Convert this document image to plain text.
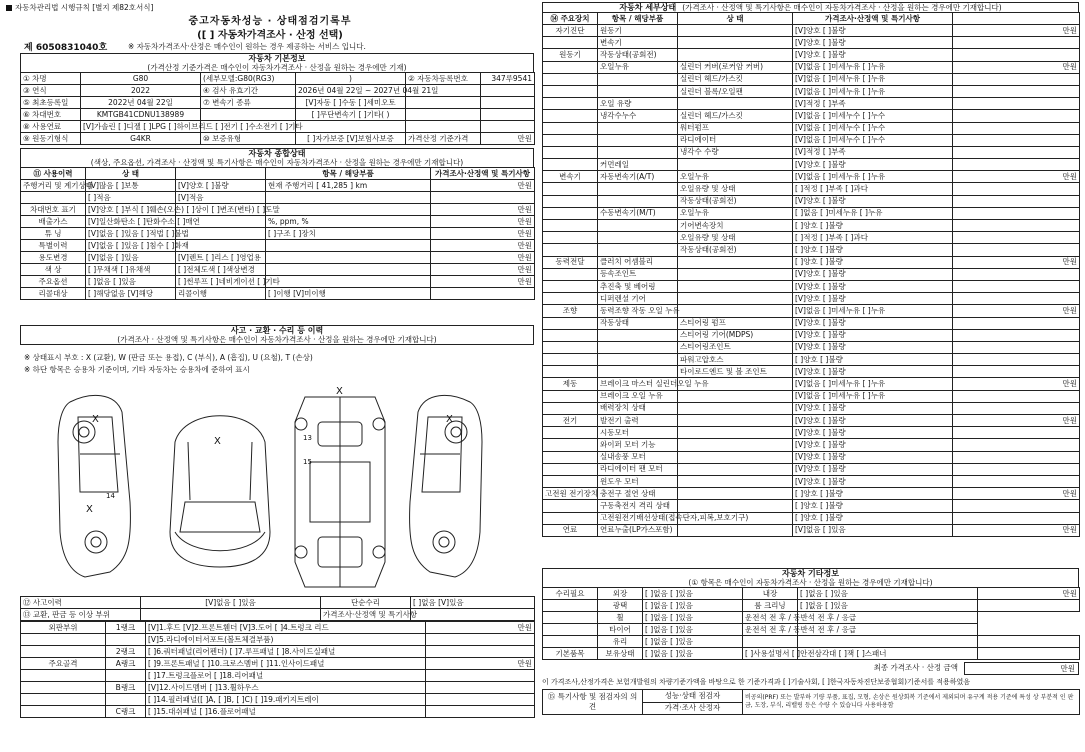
자동차관리법 시행규칙 [별지 제82호서식]
중고자동차성능 · 상태점검기록부
([ ] 자동차가격조사 · 산정 선택)
제 6050831040호	※ 자동차가격조사·산정은 매수인이 원하는 경우 제공하는 서비스 입니다.
자동차 기본정보
(가격산정 기준가격은 매수인이 자동차가격조사 · 산정을 원하는 경우에만 기재)
① 차명	G80	(세부모델:G80(RG3)	)	② 자동차등록번호	347루9541
③ 연식	2022	④ 검사 유효기간	2026년 04월 22일 ~ 2027년 04월 21일		
⑤ 최초등록일	2022년 04월 22일	⑦ 변속기 종류	[V]자동 [ ]수동 [ ]세미오토		
⑥ 차대번호	KMTGB41CDNU138989		[ ]무단변속기 [ ]기타( )		
⑧ 사용연료	[V]가솔린 [ ]디젤 [ ]LPG [ ]하이브리드 [ ]전기 [ ]수소전기 [ ]기타				
⑨ 원동기형식	G4KR	⑩ 보증유형	[ ]자가보증 [V]보험사보증	가격산정 기준가격	만원
자동차 종합상태
(색상, 주요옵션, 가격조사 · 산정액 및 특기사항은 매수인이 자동차가격조사 · 산정을 원하는 경우에만 기재합니다)
⑪ 사용이력	상 태		항목 / 해당부품	가격조사·산정액 및 특기사항
주행거리 및 계기상태	[V]많음 [ ]보통	[V]양호 [ ]불량	현재 주행거리 [ 41,285 ] km	만원
	[ ]적음	[V]적음		
차대번호 표기	[V]양호 [ ]부식 [ ]훼손(오손) [ ]상이 [ ]변조(변타) [ ]도말			만원
배출가스	[V]일산화탄소 [ ]탄화수소 [ ]매연		%, ppm, %	만원
튜 닝	[V]없음 [ ]있음 [ ]적법 [ ]불법		[ ]구조 [ ]장치	만원
특별이력	[V]없음 [ ]있음 [ ]침수 [ ]화재			만원
용도변경	[V]없음 [ ]있음	[V]렌트 [ ]리스 [ ]영업용		만원
색 상	[ ]무채색 [ ]유채색	[ ]전체도색 [ ]색상변경		만원
주요옵션	[ ]없음 [ ]있음	[ ]썬루프 [ ]네비게이션 [ ]기타		만원
리콜대상	[ ]해당없음 [V]해당	리콜이행	[ ]이행 [V]미이행	
사고 · 교환 · 수리 등 이력
(가격조사 · 산정액 및 특기사항은 매수인이 자동차가격조사 · 산정을 원하는 경우에만 기재합니다)
※ 상태표시 부호 : X (교환), W (판금 또는 용접), C (부식), A (흠집), U (요철), T (손상)
※ 하단 항목은 승용차 기준이며, 기타 자동차는 승용차에 준하여 표시
X
X
X
X
X
14
13
15
⑫ 사고이력	[V]없음 [ ]있음	단순수리	[ ]없음 [V]있음
⑬ 교환, 판금 등 이상 부위		가격조사·산정액 및 특기사항	
외판부위	1랭크	[V]1.후드 [V]2.프론트휀더 [V]3.도어 [ ]4.트렁크 리드	만원
		[V]5.라디에이터서포트(볼트체결부품)	
	2랭크	[ ]6.쿼터패널(리어펜더) [ ]7.루프패널 [ ]8.사이드실패널	
주요골격	A랭크	[ ]9.프론트패널 [ ]10.크로스멤버 [ ]11.인사이드패널	만원
		[ ]17.트렁크플로어 [ ]18.리어패널	
	B랭크	[V]12.사이드멤버 [ ]13.휠하우스	
		[ ]14.필러패널([ ]A, [ ]B, [ ]C) [ ]19.패키지트레이	
	C랭크	[ ]15.대쉬패널 [ ]16.플로어패널	
자동차 세부상태 (가격조사 · 산정액 및 특기사항은 매수인이 자동차가격조사 · 산정을 원하는 경우에만 기재합니다)
⑭ 주요장치	항목 / 해당부품	상 태	가격조사·산정액 및 특기사항	
자기진단	원동기		[V]양호 [ ]불량	만원
	변속기		[V]양호 [ ]불량	
원동기	작동상태(공회전)		[V]양호 [ ]불량	
	오일누유	실린더 커버(로커암 커버)	[V]없음 [ ]미세누유 [ ]누유	만원
		실린더 헤드/가스킷	[V]없음 [ ]미세누유 [ ]누유	
		실린더 블록/오일팬	[V]없음 [ ]미세누유 [ ]누유	
	오일 유량		[V]적정 [ ]부족	
	냉각수누수	실린더 헤드/가스킷	[V]없음 [ ]미세누수 [ ]누수	
		워터펌프	[V]없음 [ ]미세누수 [ ]누수	
		라디에이터	[V]없음 [ ]미세누수 [ ]누수	
		냉각수 수량	[V]적정 [ ]부족	
	커먼레일		[V]양호 [ ]불량	
변속기	자동변속기(A/T)	오일누유	[V]없음 [ ]미세누유 [ ]누유	만원
		오일유량 및 상태	[ ]적정 [ ]부족 [ ]과다	
		작동상태(공회전)	[V]양호 [ ]불량	
	수동변속기(M/T)	오일누유	[ ]없음 [ ]미세누유 [ ]누유	
		기어변속장치	[ ]양호 [ ]불량	
		오일유량 및 상태	[ ]적정 [ ]부족 [ ]과다	
		작동상태(공회전)	[ ]양호 [ ]불량	
동력전달	클러치 어셈블리		[ ]양호 [ ]불량	만원
	등속조인트		[V]양호 [ ]불량	
	추진축 및 베어링		[V]양호 [ ]불량	
	디퍼렌셜 기어		[V]양호 [ ]불량	
조향	동력조향 작동 오일 누유		[V]없음 [ ]미세누유 [ ]누유	만원
	작동상태	스티어링 펌프	[V]양호 [ ]불량	
		스티어링 기어(MDPS)	[V]양호 [ ]불량	
		스티어링조인트	[V]양호 [ ]불량	
		파워고압호스	[ ]양호 [ ]불량	
		타이로드엔드 및 볼 조인트	[V]양호 [ ]불량	
제동	브레이크 마스터 실린더오일 누유		[V]없음 [ ]미세누유 [ ]누유	만원
	브레이크 오일 누유		[V]없음 [ ]미세누유 [ ]누유	
	배력장치 상태		[V]양호 [ ]불량	
전기	발전기 출력		[V]양호 [ ]불량	만원
	시동모터		[V]양호 [ ]불량	
	와이퍼 모터 기능		[V]양호 [ ]불량	
	실내송풍 모터		[V]양호 [ ]불량	
	라디에이터 팬 모터		[V]양호 [ ]불량	
	윈도우 모터		[V]양호 [ ]불량	
고전원 전기장치	충전구 절연 상태		[ ]양호 [ ]불량	만원
	구동축전지 격리 상태		[ ]양호 [ ]불량	
	고전원전기배선상태(접속단자,피복,보호기구)		[ ]양호 [ ]불량	
연료	연료누출(LP가스포함)		[V]없음 [ ]있음	만원
자동차 기타정보
(① 항목은 매수인이 자동차가격조사 · 산정을 원하는 경우에만 기재합니다)
수리필요	외장	[ ]없음 [ ]있음	내장	[ ]없음 [ ]있음	만원
	광택	[ ]없음 [ ]있음	룸 크리닝	[ ]없음 [ ]있음	
	휠	[ ]없음 [ ]있음	운전석 전 후 / 동반석 전 후 / 응급		
	타이어	[ ]없음 [ ]있음	운전석 전 후 / 동반석 전 후 / 응급		
	유리	[ ]없음 [ ]있음			
기본품목	보유상태	[ ]없음 [ ]있음	[ ]사용설명서 [ ]안전삼각대 [ ]잭 [ ]스패너		
최종 가격조사 · 산정 금액	만원
이 가격조사,산정가격은 보험개발원의 차량기준가액을 바탕으로 한 기준가격과 [ ]기술사회, [ ]한국자동차진단보증협회)기준서를 적용하였음
⑮ 특기사항 및 점검자의 의견	성능·상태 점검자	비공의(PRF) 또는 발부하 기량 부품, 표집, 모형, 손상은 원상회복 기준에서 제외되며 유구계 적용 기준에 특성 상 부분적 인 판금, 도장, 부식, 리밸링 등은 수량 수 있습니다 사용하용함
가격·조사 산정자
